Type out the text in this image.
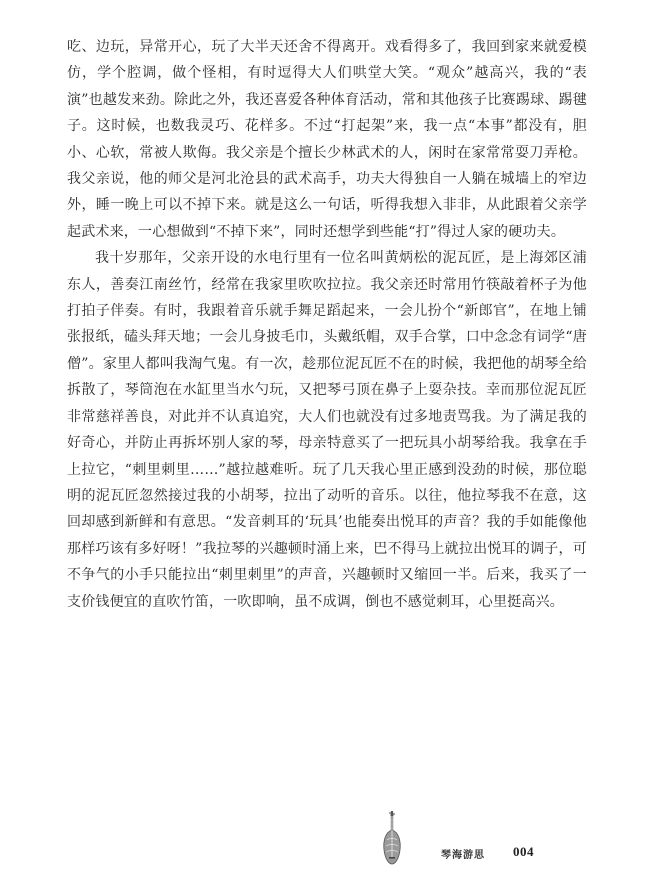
吃、边玩，异常开心，玩了大半天还舍不得离开。戏看得多了，我回到家来就爱模仿，学个腔调，做个怪相，有时逗得大人们哄堂大笑。“观众”越高兴，我的“表演”也越发来劲。除此之外，我还喜爱各种体育活动，常和其他孩子比赛踢球、踢毽子。这时候，也数我灵巧、花样多。不过“打起架”来，我一点“本事”都没有，胆小、心软，常被人欺侮。我父亲是个擅长少林武术的人，闲时在家常常耍刀弄枪。我父亲说，他的师父是河北沧县的武术高手，功夫大得独自一人躺在城墙上的窄边外，睡一晚上可以不掉下来。就是这么一句话，听得我想入非非，从此跟着父亲学起武术来，一心想做到“不掉下来”，同时还想学到些能“打”得过人家的硬功夫。

我十岁那年，父亲开设的水电行里有一位名叫黄炳松的泥瓦匠，是上海郊区浦东人，善奏江南丝竹，经常在我家里吹吹拉拉。我父亲还时常用竹筷敲着杯子为他打拍子伴奏。有时，我跟着音乐就手舞足蹈起来，一会儿扮个“新郎官”，在地上铺张报纸，磕头拜天地；一会儿身披毛巾，头戴纸帽，双手合掌，口中念念有词学“唐僧”。家里人都叫我淘气鬼。有一次，趁那位泥瓦匠不在的时候，我把他的胡琴全给拆散了，琴筒泡在水缸里当水勺玩，又把琴弓顶在鼻子上耍杂技。幸而那位泥瓦匠非常慈祥善良，对此并不认真追究，大人们也就没有过多地责骂我。为了满足我的好奇心，并防止再拆坏别人家的琴，母亲特意买了一把玩具小胡琴给我。我拿在手上拉它，“刺里刺里……”越拉越难听。玩了几天我心里正感到没劲的时候，那位聪明的泥瓦匠忽然接过我的小胡琴，拉出了动听的音乐。以往，他拉琴我不在意，这回却感到新鲜和有意思。“发音刺耳的‘玩具’也能奏出悦耳的声音？我的手如能像他那样巧该有多好呀！”我拉琴的兴趣顿时涌上来，巴不得马上就拉出悦耳的调子，可不争气的小手只能拉出“刺里刺里”的声音，兴趣顿时又缩回一半。后来，我买了一支价钱便宜的直吹竹笛，一吹即响，虽不成调，倒也不感觉刺耳，心里挺高兴。

琴海游思 004
